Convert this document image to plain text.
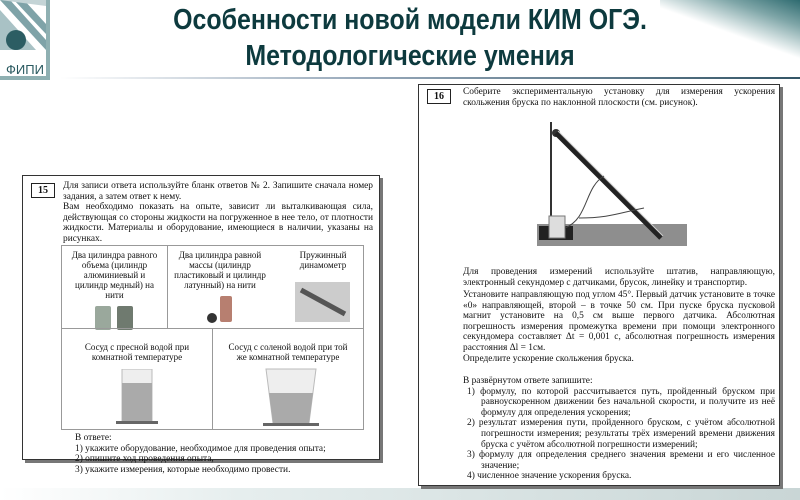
ФИПИ
Особенности новой модели КИМ ОГЭ.
Методологические умения
15	Для записи ответа используйте бланк ответов № 2. Запишите сначала номер задания, а затем ответ к нему.
Вам необходимо показать на опыте, зависит ли выталкивающая сила, действующая со стороны жидкости на погруженное в нее тело, от плотности жидкости. Материалы и оборудование, имеющиеся в наличии, указаны на рисунках.
Два цилиндра равного объема (цилиндр алюминиевый и цилиндр медный) на нити
Два цилиндра равной массы (цилиндр пластиковый и цилиндр латунный) на нити
Пружинный динамометр
Сосуд с пресной водой при комнатной температуре
Сосуд с соленой водой при той же комнатной температуре
В ответе:
1) укажите оборудование, необходимое для проведения опыта;
2) опишите ход проведения опыта,
3) укажите измерения, которые необходимо провести.
16	Соберите экспериментальную установку для измерения ускорения скольжения бруска по наклонной плоскости (см. рисунок).
Для проведения измерений используйте штатив, направляющую, электронный секундомер с датчиками, брусок, линейку и транспортир.
Установите направляющую под углом 45°. Первый датчик установите в точке «0» направляющей, второй – в точке 50 см. При пуске бруска пусковой магнит установите на 0,5 см выше первого датчика. Абсолютная погрешность измерения промежутка времени при помощи электронного секундомера составляет Δt = 0,001 с, абсолютная погрешность измерения расстояния Δl = 1см.
Определите ускорение скольжения бруска.
В развёрнутом ответе запишите:
1) формулу, по которой рассчитывается путь, пройденный бруском при равноускоренном движении без начальной скорости, и получите из неё формулу для определения ускорения;
2) результат измерения пути, пройденного бруском, с учётом абсолютной погрешности измерения; результаты трёх измерений времени движения бруска с учётом абсолютной погрешности измерений;
3) формулу для определения среднего значения времени и его численное значение;
4) численное значение ускорения бруска.
